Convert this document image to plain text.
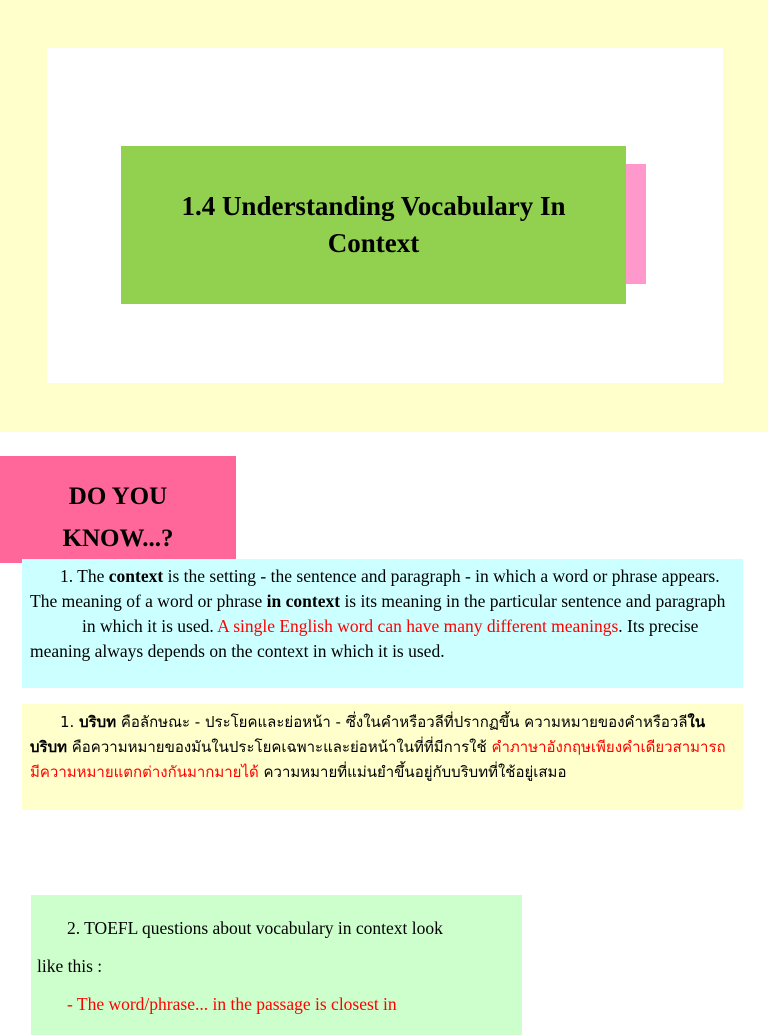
1.4 Understanding Vocabulary In Context
DO YOU
KNOW...?
1. The context is the setting - the sentence and paragraph - in which a word or phrase appears. The meaning of a word or phrase in context is its meaning in the particular sentence and paragraphin which it is used. A single English word can have many different meanings. Its precise meaning always depends on the context in which it is used.
1. บริบท คือลักษณะ - ประโยคและย่อหน้า - ซึ่งในคำหรือวลีที่ปรากฏขึ้น ความหมายของคำหรือวลีในบริบท คือความหมายของมันในประโยคเฉพาะและย่อหน้าในที่ที่มีการใช้ คำภาษาอังกฤษเพียงคำเดียวสามารถมีความหมายแตกต่างกันมากมายได้ ความหมายที่แม่นยำขึ้นอยู่กับบริบทที่ใช้อยู่เสมอ
2. TOEFL questions about vocabulary in context look
like this :
- The word/phrase... in the passage is closest in
